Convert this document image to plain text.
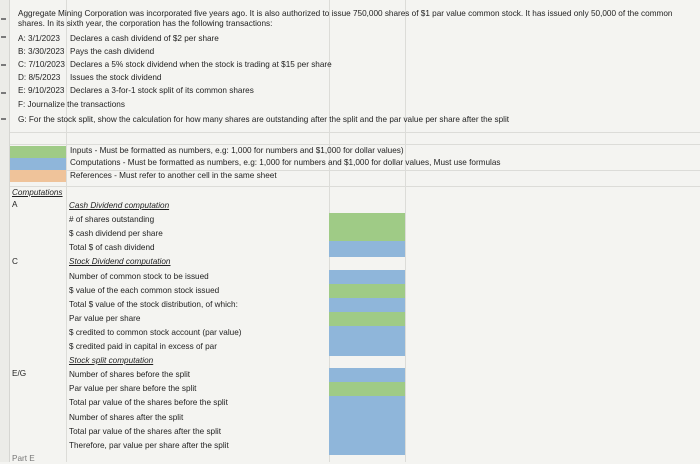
Aggregate Mining Corporation was incorporated five years ago. It is also authorized to issue 750,000 shares of $1 par value common stock. It has issued only 50,000 of the common shares. In its sixth year, the corporation has the following transactions:
A: 3/1/2023 Declares a cash dividend of $2 per share
B: 3/30/2023 Pays the cash dividend
C: 7/10/2023 Declares a 5% stock dividend when the stock is trading at $15 per share
D: 8/5/2023 Issues the stock dividend
E: 9/10/2023 Declares a 3-for-1 stock split of its common shares
F: Journalize the transactions
G: For the stock split, show the calculation for how many shares are outstanding after the split and the par value per share after the split
Inputs - Must be formatted as numbers, e.g: 1,000 for numbers and $1,000 for dollar values)
Computations - Must be formatted as numbers, e.g: 1,000 for numbers and $1,000 for dollar values, Must use formulas
References - Must refer to another cell in the same sheet
Computations
A
C
E/G
Part E
Cash Dividend computation
# of shares outstanding
$ cash dividend per share
Total $ of cash dividend
Stock Dividend computation
Number of common stock to be issued
$ value of the each common stock issued
Total $ value of the stock distribution, of which:
Par value per share
$ credited to common stock account (par value)
$ credited paid in capital in excess of par
Stock split computation
Number of shares before the split
Par value per share before the split
Total par value of the shares before the split
Number of shares after the split
Total par value of the shares after the split
Therefore, par value per share after the split
